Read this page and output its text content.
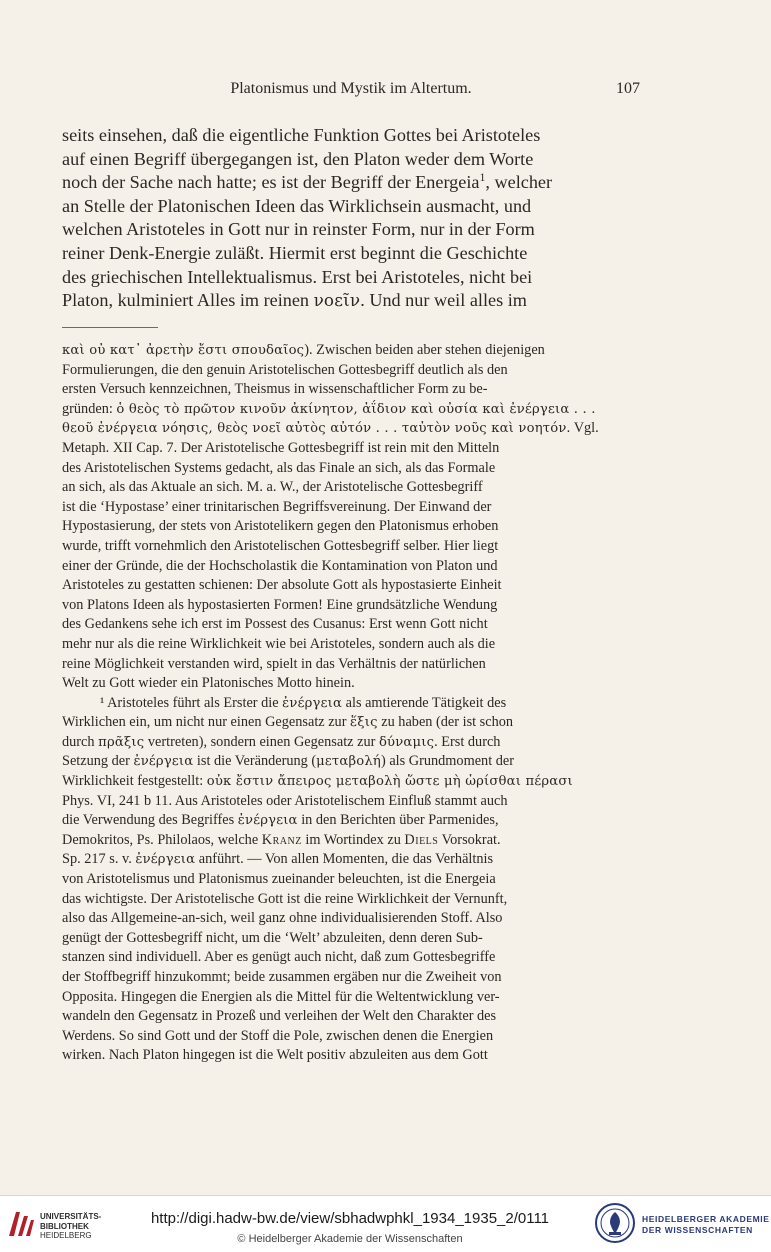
Platonismus und Mystik im Altertum.	107
seits einsehen, daß die eigentliche Funktion Gottes bei Aristoteles
auf einen Begriff übergegangen ist, den Platon weder dem Worte
noch der Sache nach hatte; es ist der Begriff der Energeia$^1$, welcher
an Stelle der Platonischen Ideen das Wirklichsein ausmacht, und
welchen Aristoteles in Gott nur in reinster Form, nur in der Form
reiner Denk-Energie zuläßt. Hiermit erst beginnt die Geschichte
des griechischen Intellektualismus. Erst bei Aristoteles, nicht bei
Platon, kulminiert Alles im reinen νοεῖν. Und nur weil alles im
καὶ οὐ κατ᾽ ἀρετὴν ἔστι σπουδαῖος). Zwischen beiden aber stehen diejenigen
Formulierungen, die den genuin Aristotelischen Gottesbegriff deutlich als den
ersten Versuch kennzeichnen, Theismus in wissenschaftlicher Form zu be-
gründen: ὁ θεὸς τὸ πρῶτον κινοῦν ἀκίνητον, ἀΐδιον καὶ οὐσία καὶ ἐνέργεια . . .
θεοῦ ἐνέργεια νόησις, θεὸς νοεῖ αὐτὸς αὐτόν . . . ταὐτὸν νοῦς καὶ νοητόν. Vgl.
Metaph. XII Cap. 7. Der Aristotelische Gottesbegriff ist rein mit den Mitteln
des Aristotelischen Systems gedacht, als das Finale an sich, als das Formale
an sich, als das Aktuale an sich. M. a. W., der Aristotelische Gottesbegriff
ist die ‘Hypostase’ einer trinitarischen Begriffsvereinung. Der Einwand der
Hypostasierung, der stets von Aristotelikern gegen den Platonismus erhoben
wurde, trifft vornehmlich den Aristotelischen Gottesbegriff selber. Hier liegt
einer der Gründe, die der Hochscholastik die Kontamination von Platon und
Aristoteles zu gestatten schienen: Der absolute Gott als hypostasierte Einheit
von Platons Ideen als hypostasierten Formen! Eine grundsätzliche Wendung
des Gedankens sehe ich erst im Possest des Cusanus: Erst wenn Gott nicht
mehr nur als die reine Wirklichkeit wie bei Aristoteles, sondern auch als die
reine Möglichkeit verstanden wird, spielt in das Verhältnis der natürlichen
Welt zu Gott wieder ein Platonisches Motto hinein.
¹ Aristoteles führt als Erster die ἐνέργεια als amtierende Tätigkeit des
Wirklichen ein, um nicht nur einen Gegensatz zur ἕξις zu haben (der ist schon
durch πρᾶξις vertreten), sondern einen Gegensatz zur δύναμις. Erst durch
Setzung der ἐνέργεια ist die Veränderung (μεταβολή) als Grundmoment der
Wirklichkeit festgestellt: οὐκ ἔστιν ἄπειρος μεταβολὴ ὥστε μὴ ὡρίσθαι πέρασι
Phys. VI, 241 b 11. Aus Aristoteles oder Aristotelischem Einfluß stammt auch
die Verwendung des Begriffes ἐνέργεια in den Berichten über Parmenides,
Demokritos, Ps. Philolaos, welche Kranz im Wortindex zu Diels Vorsokrat.
Sp. 217 s. v. ἐνέργεια anführt. — Von allen Momenten, die das Verhältnis
von Aristotelismus und Platonismus zueinander beleuchten, ist die Energeia
das wichtigste. Der Aristotelische Gott ist die reine Wirklichkeit der Vernunft,
also das Allgemeine-an-sich, weil ganz ohne individualisierenden Stoff. Also
genügt der Gottesbegriff nicht, um die ‘Welt’ abzuleiten, denn deren Sub-
stanzen sind individuell. Aber es genügt auch nicht, daß zum Gottesbegriffe
der Stoffbegriff hinzukommt; beide zusammen ergäben nur die Zweiheit von
Opposita. Hingegen die Energien als die Mittel für die Weltentwicklung ver-
wandeln den Gegensatz in Prozeß und verleihen der Welt den Charakter des
Werdens. So sind Gott und der Stoff die Pole, zwischen denen die Energien
wirken. Nach Platon hingegen ist die Welt positiv abzuleiten aus dem Gott
UNIVERSITÄTS-
BIBLIOTHEK
HEIDELBERG
http://digi.hadw-bw.de/view/sbhadwphkl_1934_1935_2/0111
© Heidelberger Akademie der Wissenschaften
HEIDELBERGER AKADEMIE
DER WISSENSCHAFTEN
